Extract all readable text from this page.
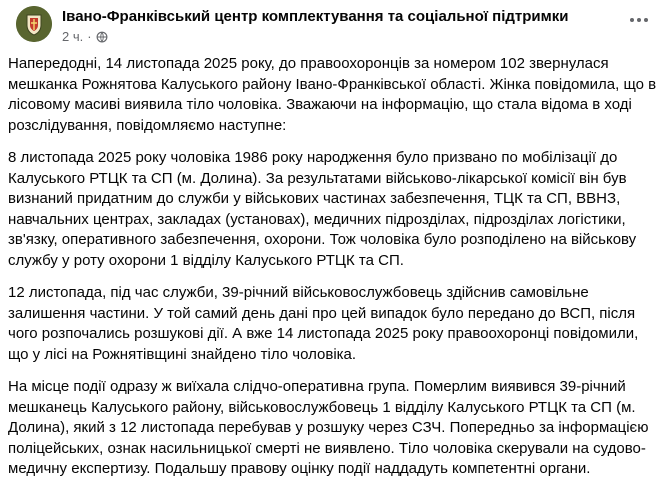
Івано-Франківський центр комплектування та соціальної підтримки
2 ч. ·

Напередодні, 14 листопада 2025 року, до правоохоронців за номером 102 звернулася мешканка Рожнятова Калуського району Івано-Франківської області. Жінка повідомила, що в лісовому масиві виявила тіло чоловіка. Зважаючи на інформацію, що стала відома в ході розслідування, повідомляємо наступне:

8 листопада 2025 року чоловіка 1986 року народження було призвано по мобілізації до Калуського РТЦК та СП (м. Долина). За результатами військово-лікарської комісії він був визнаний придатним до служби у військових частинах забезпечення, ТЦК та СП, ВВНЗ, навчальних центрах, закладах (установах), медичних підрозділах, підрозділах логістики, зв'язку, оперативного забезпечення, охорони. Тож чоловіка було розподілено на військову службу у роту охорони 1 відділу Калуського РТЦК та СП.

12 листопада, під час служби, 39-річний військовослужбовець здійснив самовільне залишення частини. У той самий день дані про цей випадок було передано до ВСП, після чого розпочались розшукові дії. А вже 14 листопада 2025 року правоохоронці повідомили, що у лісі на Рожнятівщині знайдено тіло чоловіка.

На місце події одразу ж виїхала слідчо-оперативна група. Померлим виявився 39-річний мешканець Калуського району, військовослужбовець 1 відділу Калуського РТЦК та СП (м. Долина), який з 12 листопада перебував у розшуку через СЗЧ. Попередньо за інформацією поліцейських, ознак насильницької смерті не виявлено. Тіло чоловіка скерували на судово-медичну експертизу. Подальшу правову оцінку події наддадуть компетентні органи.
